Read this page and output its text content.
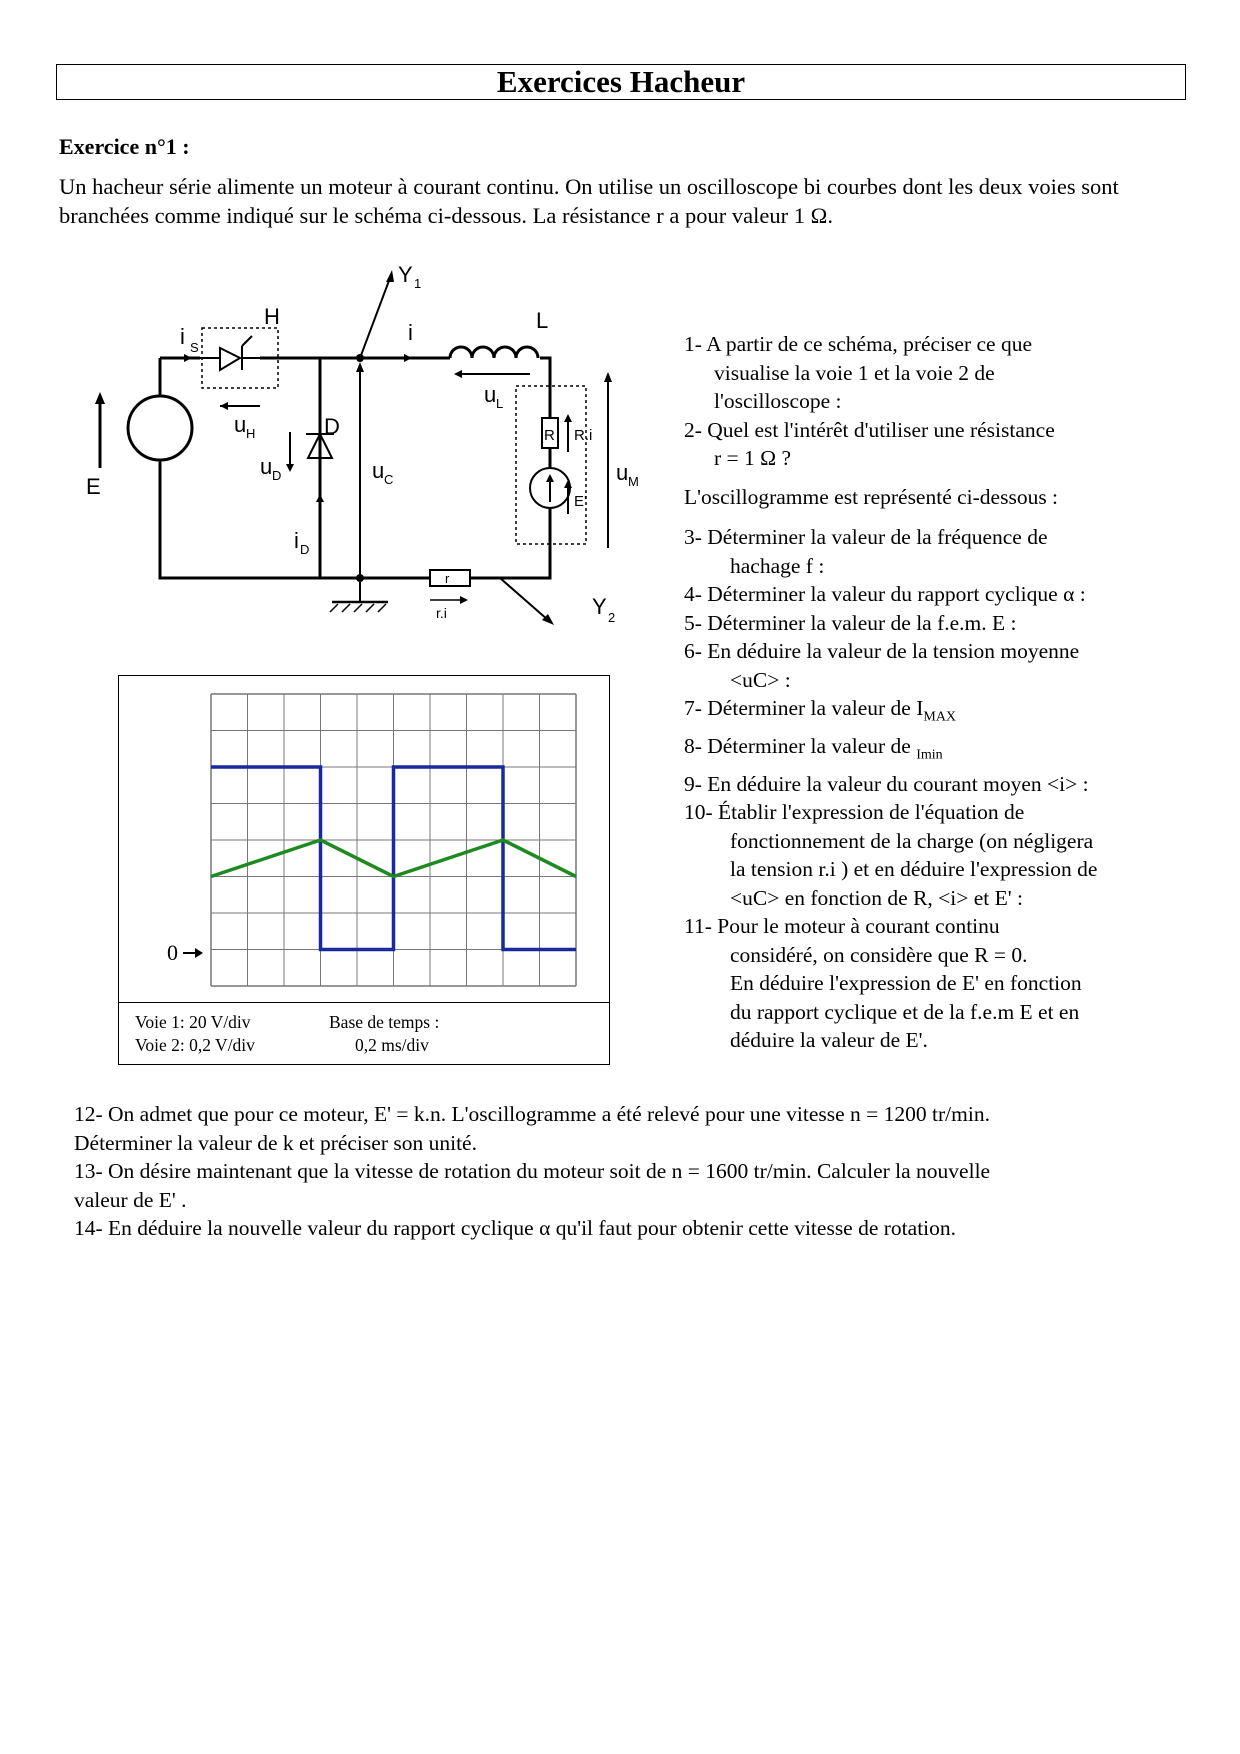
Exercices Hacheur
Exercice n°1 :
Un hacheur série alimente un moteur à courant continu. On utilise un oscilloscope bi courbes dont les deux voies sont branchées comme indiqué sur le schéma ci-dessous. La résistance r a pour valeur 1 Ω.
H
i S
u H	D
u D
i D
E
u C
i	L
u L
Y 1
Y 2
R R.i
E'
u M
r
r.i
0
Voie 1: 20 V/div
Voie 2: 0,2 V/div
Base de temps :
0,2 ms/div

1- A partir de ce schéma, préciser ce que
visualise la voie 1 et la voie 2 de
l'oscilloscope :

2- Quel est l'intérêt d'utiliser une résistance
r = 1 Ω ?

L'oscillogramme est représenté ci-dessous :

3- Déterminer la valeur de la fréquence de
hachage f :

4- Déterminer la valeur du rapport cyclique α :

5- Déterminer la valeur de la f.e.m. E :

6- En déduire la valeur de la tension moyenne
<uC> :

7- Déterminer la valeur de $I_{MAX}$

8- Déterminer la valeur de $_{Imin}$

9- En déduire la valeur du courant moyen <i> :

10- Établir l'expression de l'équation de
fonctionnement de la charge (on négligera
la tension r.i ) et en déduire l'expression de
<uC> en fonction de R, <i> et E' :

11- Pour le moteur à courant continu
considéré, on considère que R = 0.
En déduire l'expression de E' en fonction
du rapport cyclique et de la f.e.m E et en
déduire la valeur de E'.

12- On admet que pour ce moteur, E' = k.n. L'oscillogramme a été relevé pour une vitesse n = 1200 tr/min.

Déterminer la valeur de k et préciser son unité.

13- On désire maintenant que la vitesse de rotation du moteur soit de n = 1600 tr/min. Calculer la nouvelle

valeur de E' .

14- En déduire la nouvelle valeur du rapport cyclique α qu'il faut pour obtenir cette vitesse de rotation.
